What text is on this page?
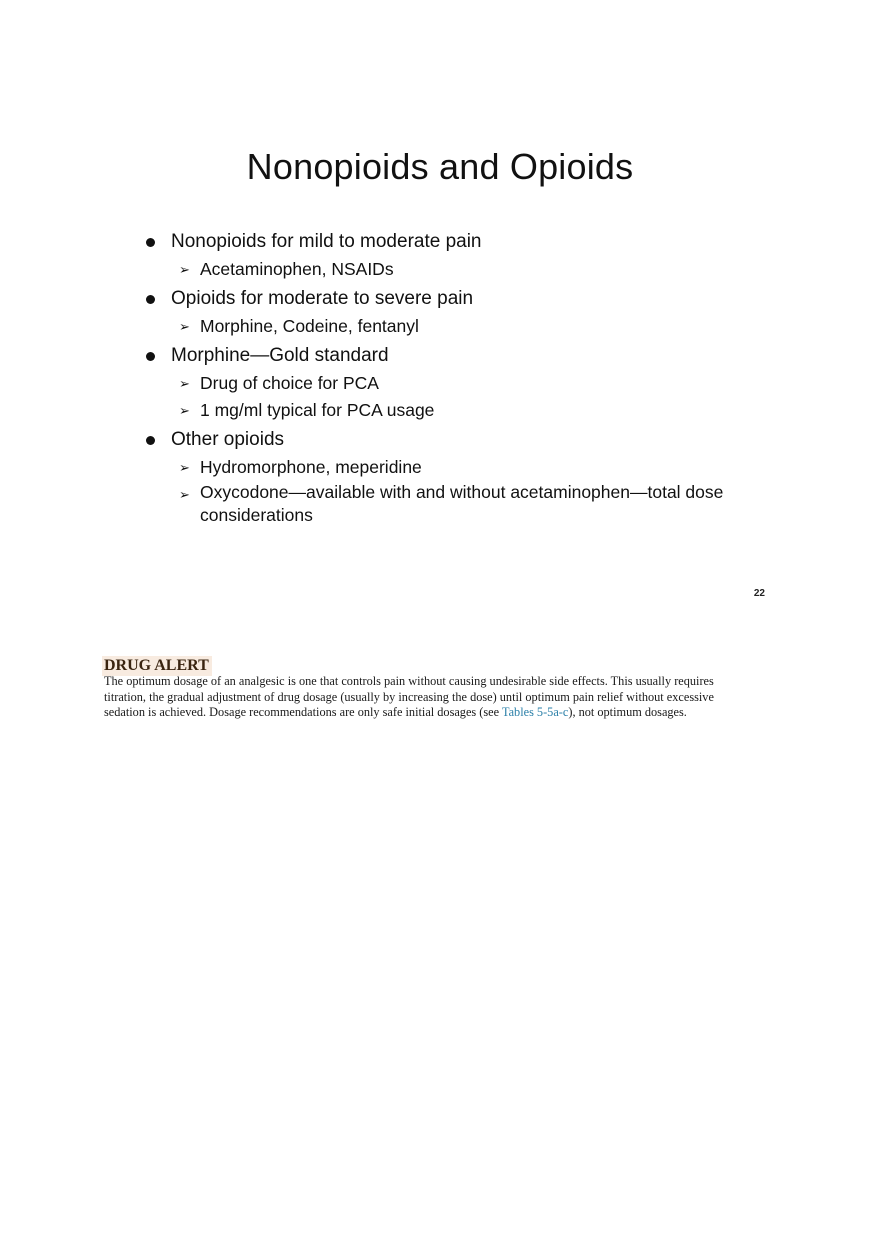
Nonopioids and Opioids
Nonopioids for mild to moderate pain
➢ Acetaminophen, NSAIDs
Opioids for moderate to severe pain
➢ Morphine, Codeine, fentanyl
Morphine—Gold standard
➢ Drug of choice for PCA
➢ 1 mg/ml typical for PCA usage
Other opioids
➢ Hydromorphone, meperidine
➢ Oxycodone—available with and without acetaminophen—total dose considerations
22
DRUG ALERT

The optimum dosage of an analgesic is one that controls pain without causing undesirable side effects. This usually requires titration, the gradual adjustment of drug dosage (usually by increasing the dose) until optimum pain relief without excessive sedation is achieved. Dosage recommendations are only safe initial dosages (see Tables 5-5a-c), not optimum dosages.
